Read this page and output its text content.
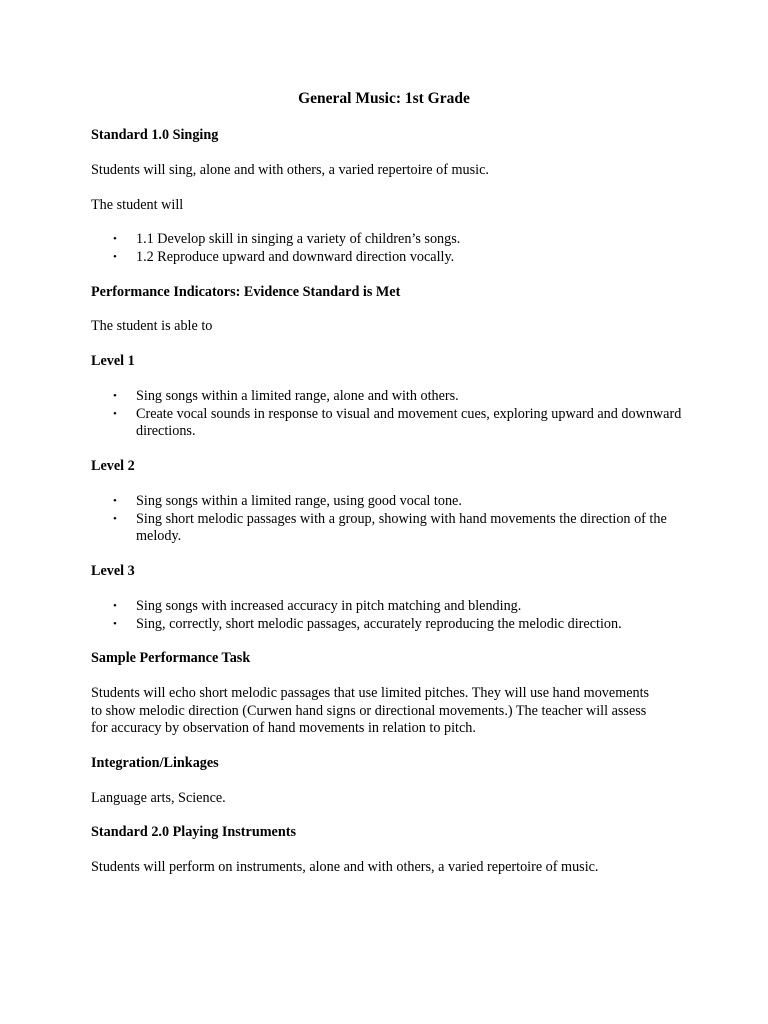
General Music: 1st Grade

Standard 1.0 Singing

Students will sing, alone and with others, a varied repertoire of music.

The student will

• 1.1 Develop skill in singing a variety of children’s songs.
• 1.2 Reproduce upward and downward direction vocally.

Performance Indicators: Evidence Standard is Met

The student is able to

Level 1

• Sing songs within a limited range, alone and with others.
• Create vocal sounds in response to visual and movement cues, exploring upward and downward directions.

Level 2

• Sing songs within a limited range, using good vocal tone.
• Sing short melodic passages with a group, showing with hand movements the direction of the melody.

Level 3

• Sing songs with increased accuracy in pitch matching and blending.
• Sing, correctly, short melodic passages, accurately reproducing the melodic direction.

Sample Performance Task

Students will echo short melodic passages that use limited pitches. They will use hand movements to show melodic direction (Curwen hand signs or directional movements.) The teacher will assess for accuracy by observation of hand movements in relation to pitch.

Integration/Linkages

Language arts, Science.

Standard 2.0 Playing Instruments

Students will perform on instruments, alone and with others, a varied repertoire of music.
